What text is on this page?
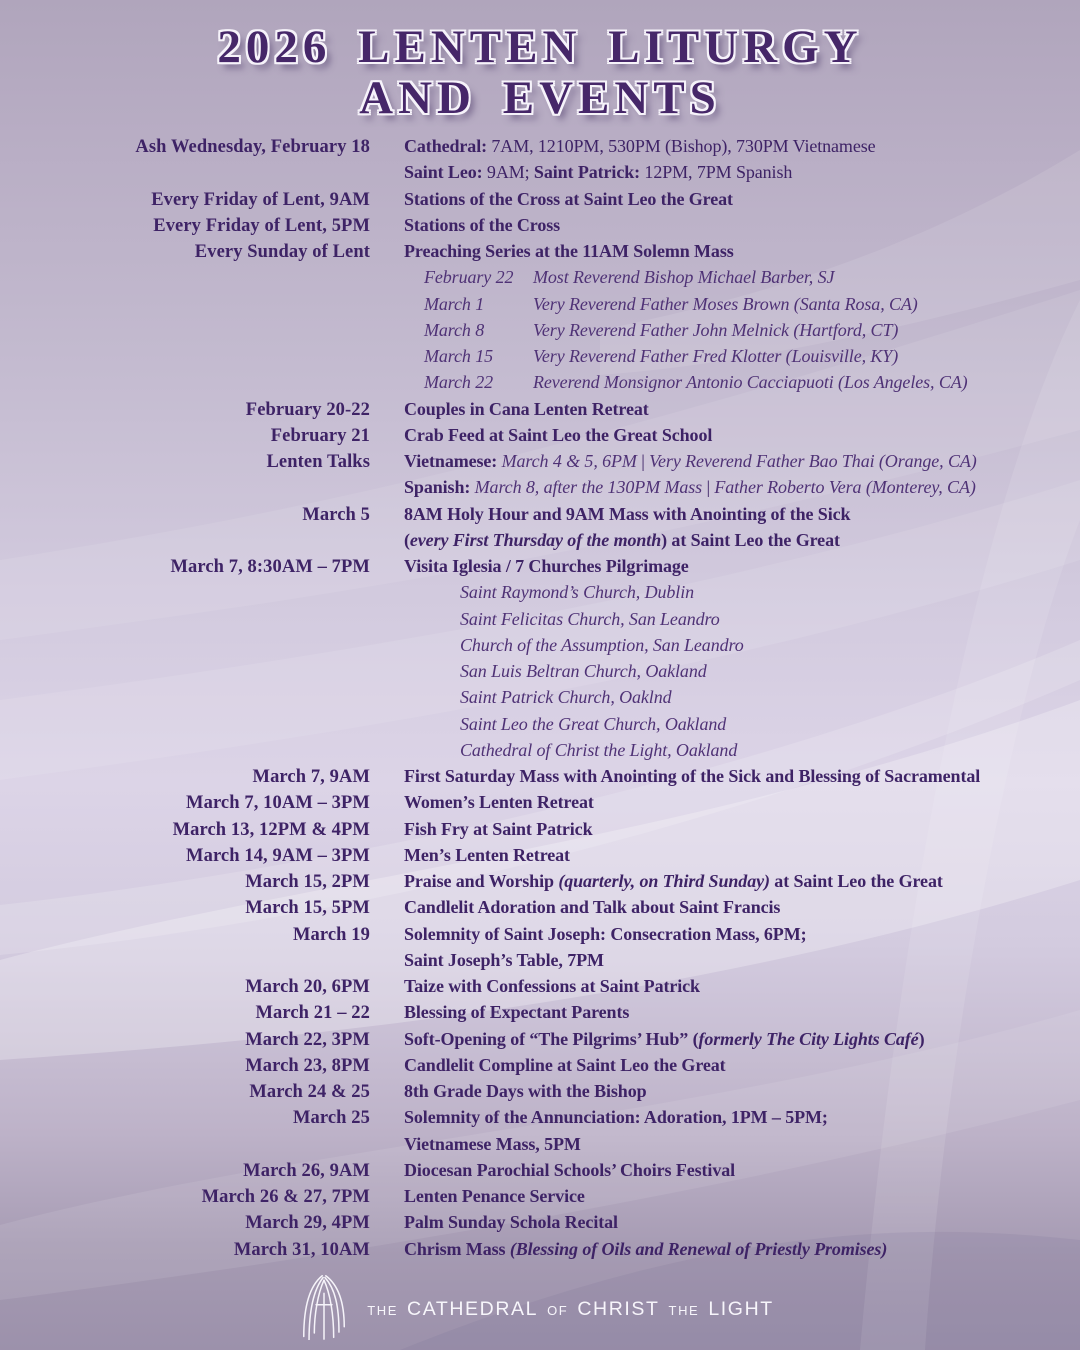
2026 LENTEN LITURGY
AND EVENTS
Ash Wednesday, February 18 Cathedral: 7AM, 1210PM, 530PM (Bishop), 730PM Vietnamese
Saint Leo: 9AM; Saint Patrick: 12PM, 7PM Spanish
Every Friday of Lent, 9AM Stations of the Cross at Saint Leo the Great
Every Friday of Lent, 5PM Stations of the Cross
Every Sunday of Lent Preaching Series at the 11AM Solemn Mass
February 22 Most Reverend Bishop Michael Barber, SJ
March 1	Very Reverend Father Moses Brown (Santa Rosa, CA)
March 8	Very Reverend Father John Melnick (Hartford, CT)
March 15 Very Reverend Father Fred Klotter (Louisville, KY)
March 22 Reverend Monsignor Antonio Cacciapuoti (Los Angeles, CA)
February 20-22 Couples in Cana Lenten Retreat
February 21 Crab Feed at Saint Leo the Great School
Lenten Talks Vietnamese: March 4 & 5, 6PM | Very Reverend Father Bao Thai (Orange, CA)
Spanish: March 8, after the 130PM Mass | Father Roberto Vera (Monterey, CA)
March 5 8AM Holy Hour and 9AM Mass with Anointing of the Sick
(every First Thursday of the month) at Saint Leo the Great
March 7, 8:30AM – 7PM Visita Iglesia / 7 Churches Pilgrimage
Saint Raymond’s Church, Dublin
Saint Felicitas Church, San Leandro
Church of the Assumption, San Leandro
San Luis Beltran Church, Oakland
Saint Patrick Church, Oaklnd
Saint Leo the Great Church, Oakland
Cathedral of Christ the Light, Oakland
March 7, 9AM First Saturday Mass with Anointing of the Sick and Blessing of Sacramental
March 7, 10AM – 3PM Women’s Lenten Retreat
March 13, 12PM & 4PM Fish Fry at Saint Patrick
March 14, 9AM – 3PM Men’s Lenten Retreat
March 15, 2PM Praise and Worship (quarterly, on Third Sunday) at Saint Leo the Great
March 15, 5PM Candlelit Adoration and Talk about Saint Francis
March 19 Solemnity of Saint Joseph: Consecration Mass, 6PM;
Saint Joseph’s Table, 7PM
March 20, 6PM Taize with Confessions at Saint Patrick
March 21 – 22 Blessing of Expectant Parents
March 22, 3PM Soft-Opening of “The Pilgrims’ Hub” (formerly The City Lights Café)
March 23, 8PM Candlelit Compline at Saint Leo the Great
March 24 & 25 8th Grade Days with the Bishop
March 25 Solemnity of the Annunciation: Adoration, 1PM – 5PM;
Vietnamese Mass, 5PM
March 26, 9AM Diocesan Parochial Schools’ Choirs Festival
March 26 & 27, 7PM Lenten Penance Service
March 29, 4PM Palm Sunday Schola Recital
March 31, 10AM Chrism Mass (Blessing of Oils and Renewal of Priestly Promises)
THE CATHEDRAL OF CHRIST THE LIGHT
